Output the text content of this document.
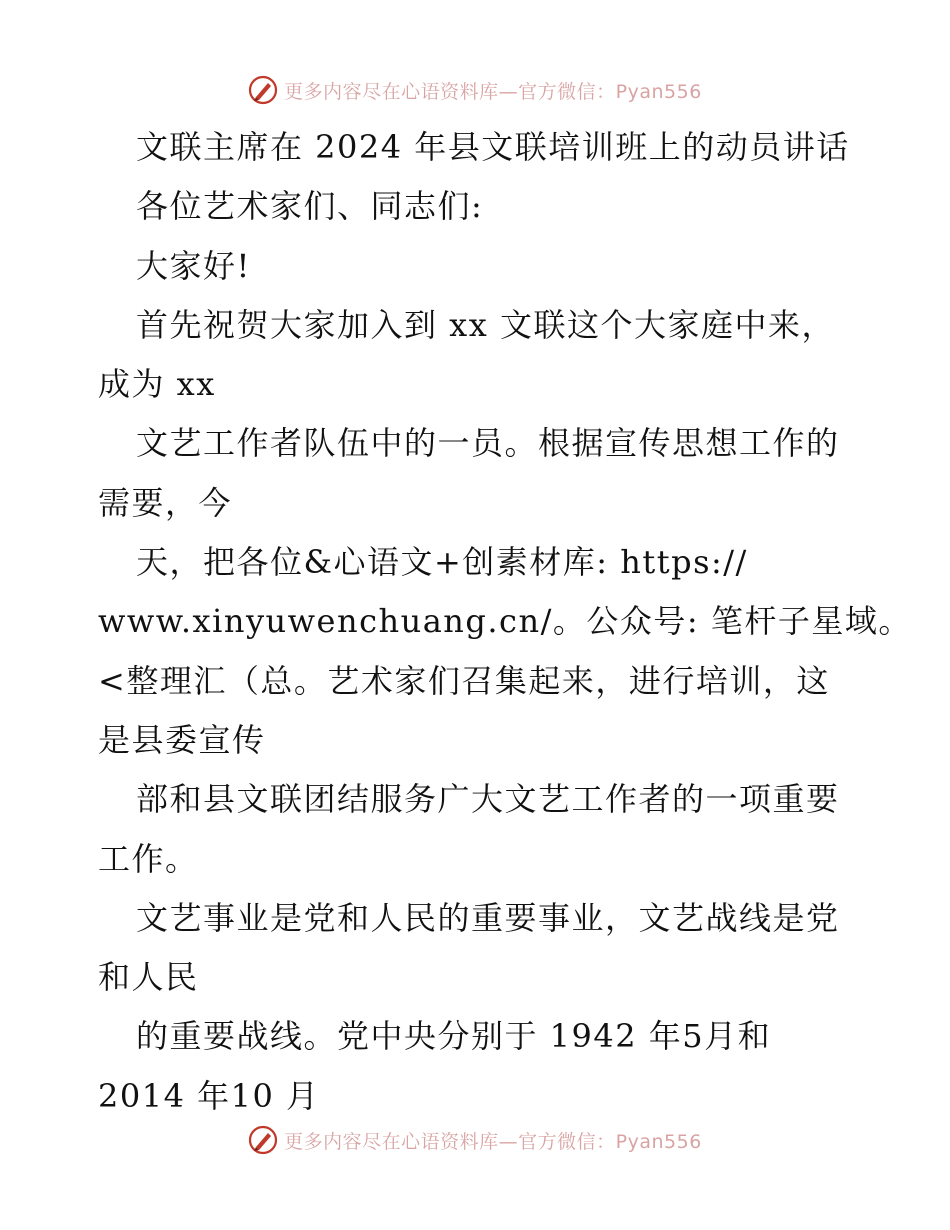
更多内容尽在心语资料库—官方微信：Pyan556
文联主席在 2024 年县文联培训班上的动员讲话
各位艺术家们、同志们:
大家好!
首先祝贺大家加入到 xx 文联这个大家庭中来，
成为 xx
文艺工作者队伍中的一员。根据宣传思想工作的
需要，今
天，把各位&心语文+创素材库: https://
www.xinyuwenchuang.cn/。公众号: 笔杆子星域。
<整理汇（总。艺术家们召集起来，进行培训，这
是县委宣传
部和县文联团结服务广大文艺工作者的一项重要
工作。
文艺事业是党和人民的重要事业，文艺战线是党
和人民
的重要战线。党中央分别于 1942 年5月和
2014 年10 月
更多内容尽在心语资料库—官方微信：Pyan556
